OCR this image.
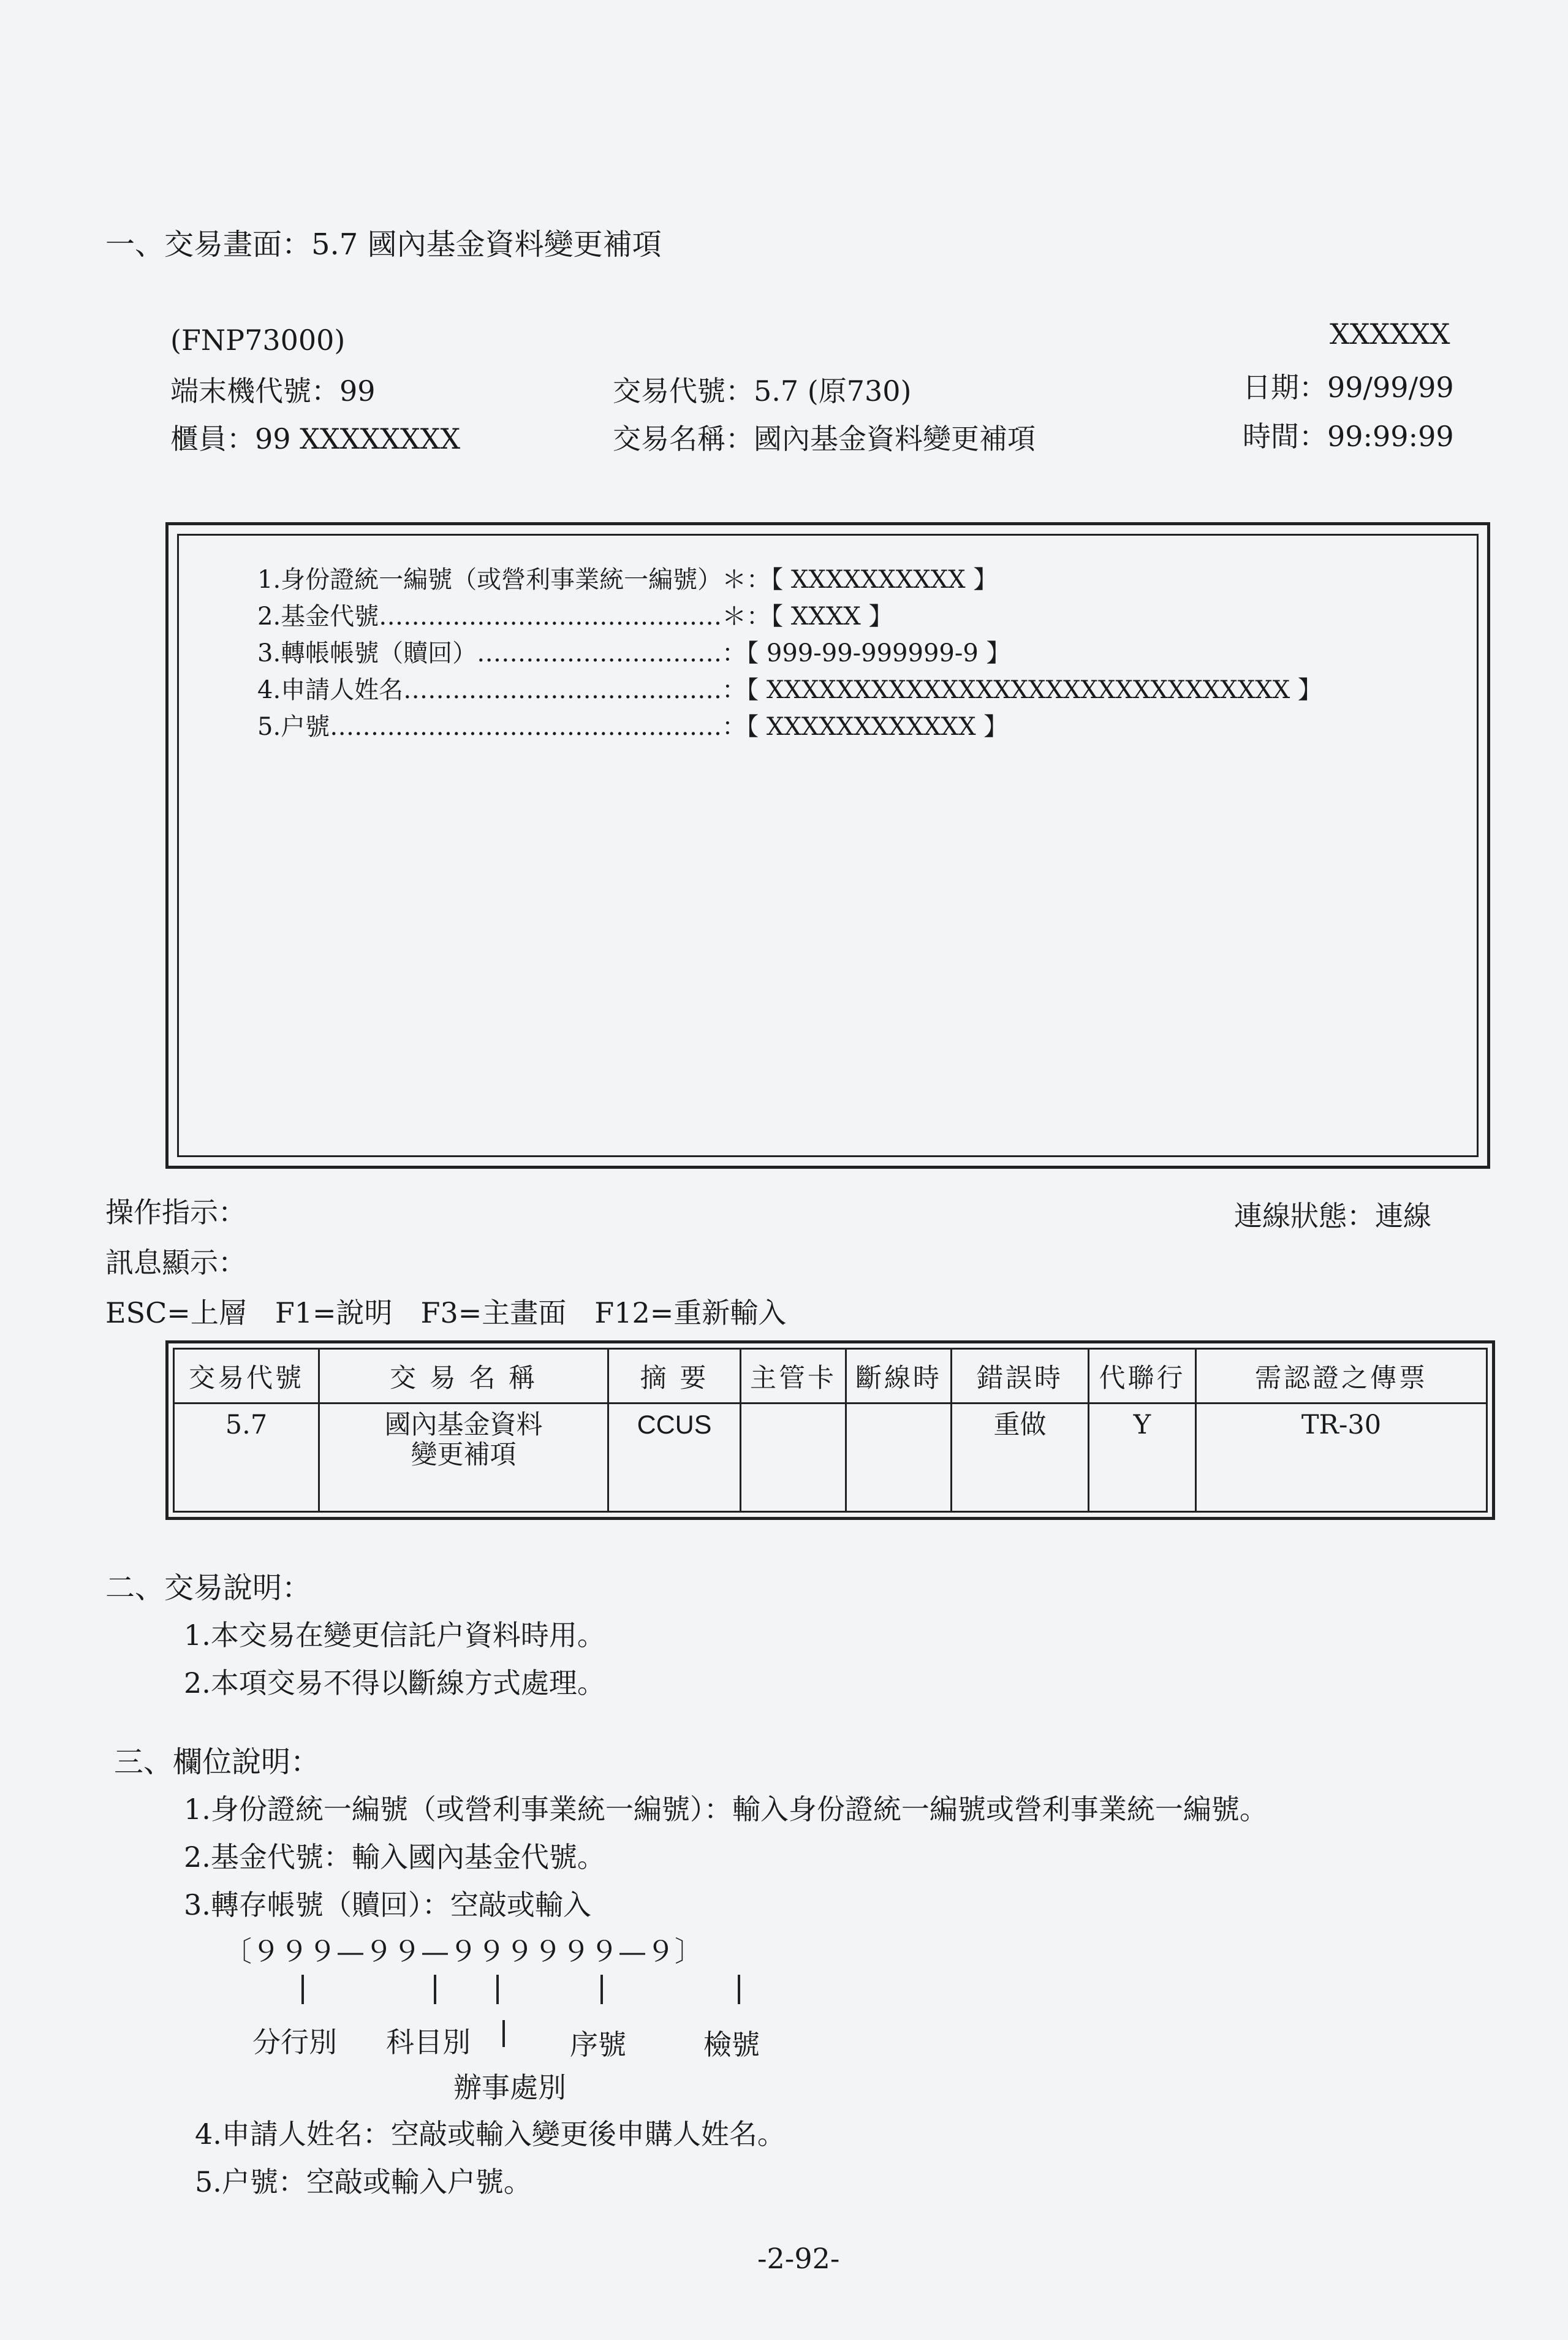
一、交易畫面：5.7 國內基金資料變更補項
(FNP73000)	XXXXXX
端末機代號：99	交易代號：5.7 (原730)	日期：99/99/99
櫃員：99 XXXXXXXX	交易名稱：國內基金資料變更補項	時間：99:99:99
1.身份證統一編號（或營利事業統一編號）＊：【 XXXXXXXXXX 】
2.基金代號……………………………………＊：【 XXXX 】
3.轉帳帳號（贖回）…………………………：【 999-99-999999-9 】
4.申請人姓名…………………………………：【 XXXXXXXXXXXXXXXXXXXXXXXXXXXXXX 】
5.户號…………………………………………：【 XXXXXXXXXXXX 】
操作指示：	連線狀態：連線
訊息顯示：
ESC=上層　F1=說明　F3=主畫面　F12=重新輸入
交易代號	交 易 名 稱	摘 要	主管卡	斷線時	錯誤時	代聯行	需認證之傳票
5.7	國內基金資料
變更補項	CCUS			重做	Y	TR-30
二、交易說明：
1.本交易在變更信託户資料時用。
2.本項交易不得以斷線方式處理。
三、欄位說明：
1.身份證統一編號（或營利事業統一編號）：輸入身份證統一編號或營利事業統一編號。
2.基金代號：輸入國內基金代號。
3.轉存帳號（贖回）：空敲或輸入
〔９９９—９９—９９９９９９—９〕
分行別 科目別	序號	檢號
辦事處別
4.申請人姓名：空敲或輸入變更後申購人姓名。
5.户號：空敲或輸入户號。
-2-92-
